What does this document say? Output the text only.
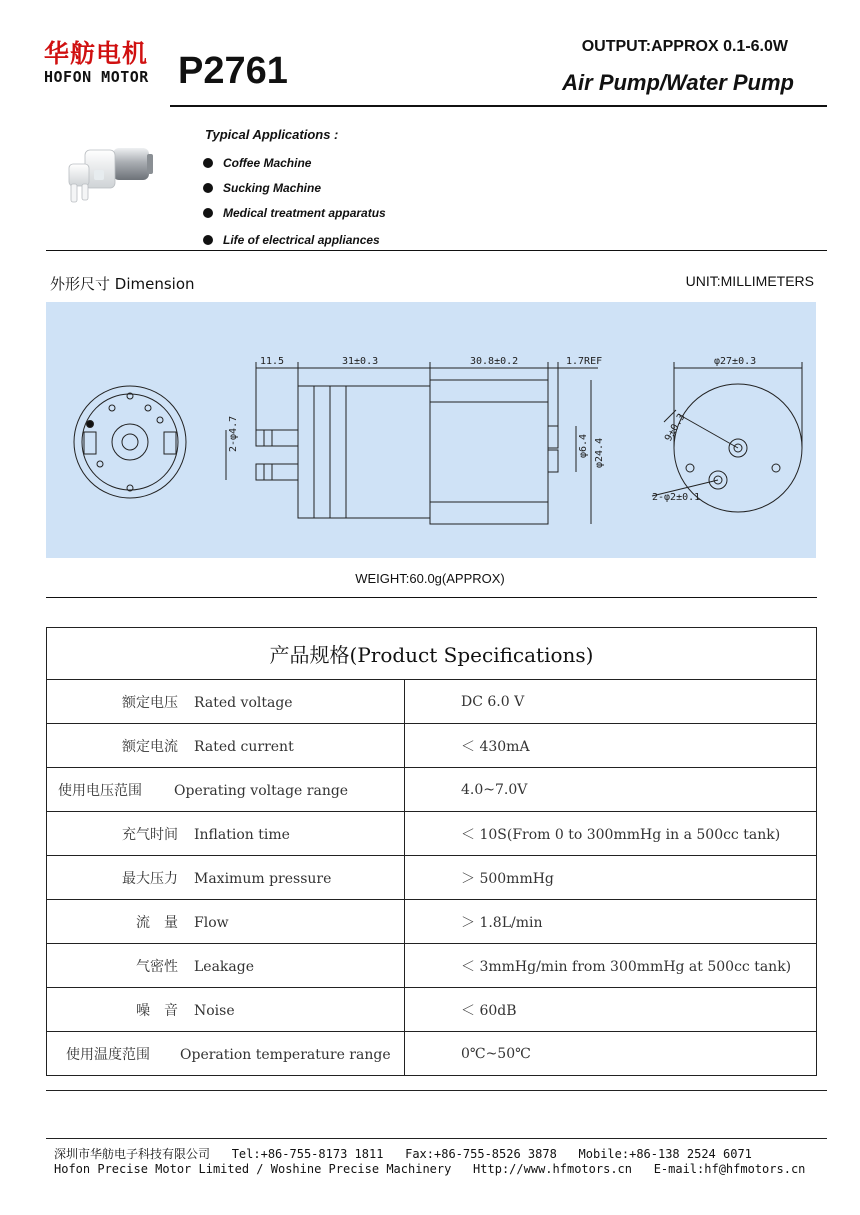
华舫电机
HOFON MOTOR P2761
OUTPUT:APPROX 0.1-6.0W
Air Pump/Water Pump
Typical Applications :
Coffee Machine
Sucking Machine
Medical treatment apparatus
Life of electrical appliances
外形尺寸 Dimension	UNIT:MILLIMETERS
11.5	31±0.3	30.8±0.2	1.7REF	φ27±0.3
2-φ2±0.1
2-φ4.7	φ6.4 φ24.4
9±0.3
WEIGHT:60.0g(APPROX)
产品规格(Product Specifications)	
额定电压 Rated voltage	DC 6.0 V
额定电流 Rated current	＜ 430mA
使用电压范围 Operating voltage range	4.0~7.0V
充气时间 Inflation time	＜ 10S(From 0 to 300mmHg in a 500cc tank)
最大压力 Maximum pressure	＞ 500mmHg
流　量 Flow	＞ 1.8L/min
气密性 Leakage	＜ 3mmHg/min from 300mmHg at 500cc tank)
噪　音 Noise	＜ 60dB
使用温度范围 Operation temperature range	0℃~50℃
深圳市华舫电子科技有限公司 Tel:+86-755-8173 1811 Fax:+86-755-8526 3878 Mobile:+86-138 2524 6071
Hofon Precise Motor Limited / Woshine Precise Machinery Http://www.hfmotors.cn E-mail:hf@hfmotors.cn
